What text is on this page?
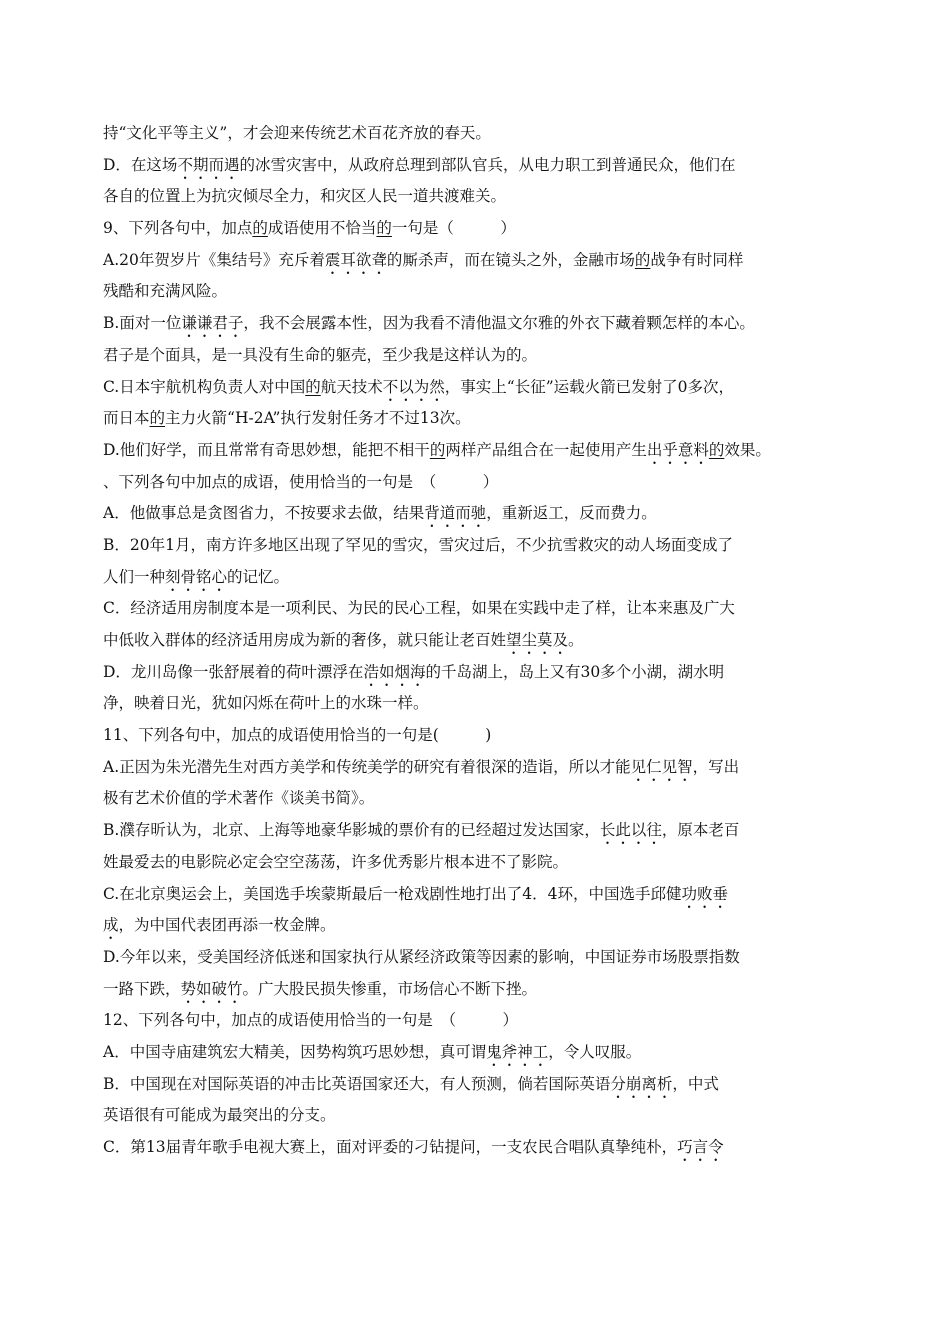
持“文化平等主义”，才会迎来传统艺术百花齐放的春天。
D．在这场不期而遇的冰雪灾害中，从政府总理到部队官兵，从电力职工到普通民众，他们在
各自的位置上为抗灾倾尽全力，和灾区人民一道共渡难关。
9、下列各句中，加点的成语使用不恰当的一句是（　　　）
A.20年贺岁片《集结号》充斥着震耳欲聋的厮杀声，而在镜头之外，金融市场的战争有时同样
残酷和充满风险。
B.面对一位谦谦君子，我不会展露本性，因为我看不清他温文尔雅的外衣下藏着颗怎样的本心。
君子是个面具，是一具没有生命的躯壳，至少我是这样认为的。
C.日本宇航机构负责人对中国的航天技术不以为然，事实上“长征”运载火箭已发射了0多次，
而日本的主力火箭“H-2A”执行发射任务才不过13次。
D.他们好学，而且常常有奇思妙想，能把不相干的两样产品组合在一起使用产生出乎意料的效果。
、下列各句中加点的成语，使用恰当的一句是　（　　　）
A．他做事总是贪图省力，不按要求去做，结果背道而驰，重新返工，反而费力。
B．20年1月，南方许多地区出现了罕见的雪灾，雪灾过后，不少抗雪救灾的动人场面变成了
人们一种刻骨铭心的记忆。
C．经济适用房制度本是一项利民、为民的民心工程，如果在实践中走了样，让本来惠及广大
中低收入群体的经济适用房成为新的奢侈，就只能让老百姓望尘莫及。
D．龙川岛像一张舒展着的荷叶漂浮在浩如烟海的千岛湖上，岛上又有30多个小湖，湖水明
净，映着日光，犹如闪烁在荷叶上的水珠一样。
11、下列各句中，加点的成语使用恰当的一句是(　　　)
A.正因为朱光潜先生对西方美学和传统美学的研究有着很深的造诣，所以才能见仁见智，写出
极有艺术价值的学术著作《谈美书简》。
B.濮存昕认为，北京、上海等地豪华影城的票价有的已经超过发达国家，长此以往，原本老百
姓最爱去的电影院必定会空空荡荡，许多优秀影片根本进不了影院。
C.在北京奥运会上，美国选手埃蒙斯最后一枪戏剧性地打出了4．4环，中国选手邱健功败垂
成，为中国代表团再添一枚金牌。
D.今年以来，受美国经济低迷和国家执行从紧经济政策等因素的影响，中国证券市场股票指数
一路下跌，势如破竹。广大股民损失惨重，市场信心不断下挫。
12、下列各句中，加点的成语使用恰当的一句是　（　　　）
A．中国寺庙建筑宏大精美，因势构筑巧思妙想，真可谓鬼斧神工，令人叹服。
B．中国现在对国际英语的冲击比英语国家还大，有人预测，倘若国际英语分崩离析，中式
英语很有可能成为最突出的分支。
C．第13届青年歌手电视大赛上，面对评委的刁钻提问，一支农民合唱队真挚纯朴，巧言令
